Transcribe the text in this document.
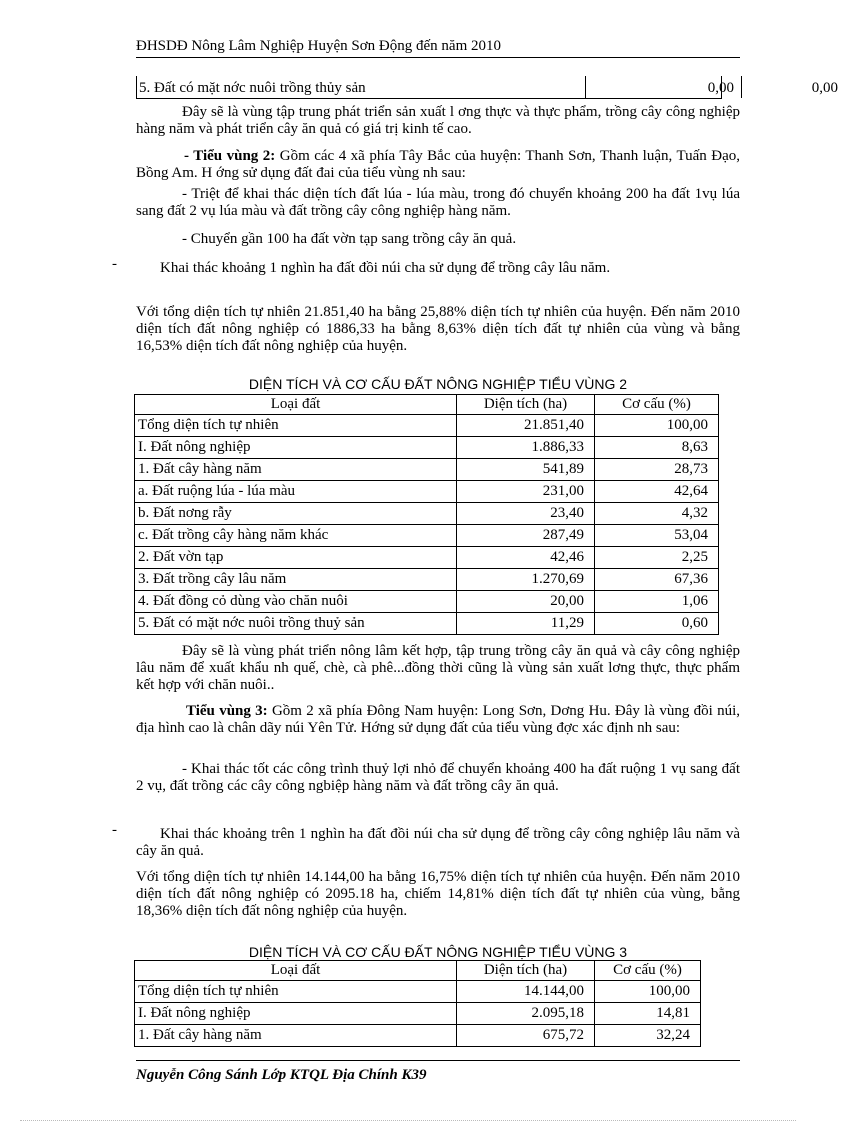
ĐHSDĐ Nông Lâm Nghiệp Huyện Sơn Động đến năm 2010
5. Đất có mặt nớc nuôi trồng thủy sản	0,00	0,00
Đây sẽ là vùng tập trung phát triển sản xuất l ơng thực và thực phẩm, trồng cây công nghiệp hàng năm và phát triển cây ăn quả có giá trị kinh tế cao.
- Tiểu vùng 2: Gồm các 4 xã phía Tây Bắc của huyện: Thanh Sơn, Thanh luận, Tuấn Đạo, Bồng Am. H ớng sử dụng đất đai của tiểu vùng nh sau:
- Triệt để khai thác diện tích đất lúa - lúa màu, trong đó chuyển khoảng 200 ha đất 1vụ lúa sang đất 2 vụ lúa màu và đất trồng cây công nghiệp hàng năm.
- Chuyển gần 100 ha đất vờn tạp sang trồng cây ăn quả.
-	Khai thác khoảng 1 nghìn ha đất đồi núi cha sử dụng để trồng cây lâu năm.
Với tổng diện tích tự nhiên 21.851,40 ha bằng 25,88% diện tích tự nhiên của huyện. Đến năm 2010 diện tích đất nông nghiệp có 1886,33 ha bằng 8,63% diện tích đất tự nhiên của vùng và bằng 16,53% diện tích đất nông nghiệp của huyện.
DIỆN TÍCH VÀ CƠ CẤU ĐẤT NÔNG NGHIỆP TIỂU VÙNG 2
Loại đất	Diện tích (ha)	Cơ cấu (%)
Tổng diện tích tự nhiên	21.851,40	100,00
I. Đất nông nghiệp	1.886,33	8,63
1. Đất cây hàng năm	541,89	28,73
a. Đất ruộng lúa - lúa màu	231,00	42,64
b. Đất nơng rẫy	23,40	4,32
c. Đất trồng cây hàng năm khác	287,49	53,04
2. Đất vờn tạp	42,46	2,25
3. Đất trồng cây lâu năm	1.270,69	67,36
4. Đất đồng cỏ dùng vào chăn nuôi	20,00	1,06
5. Đất có mặt nớc nuôi trồng thuỷ sản	11,29	0,60
Đây sẽ là vùng phát triển nông lâm kết hợp, tập trung trồng cây ăn quả và cây công nghiệp lâu năm để xuất khẩu nh quế, chè, cà phê...đồng thời cũng là vùng sản xuất lơng thực, thực phẩm kết hợp với chăn nuôi..
Tiểu vùng 3: Gồm 2 xã phía Đông Nam huyện: Long Sơn, Dơng Hu. Đây là vùng đồi núi, địa hình cao là chân dãy núi Yên Tử. Hớng sử dụng đất của tiểu vùng đợc xác định nh sau:
- Khai thác tốt các công trình thuỷ lợi nhỏ để chuyển khoảng 400 ha đất ruộng 1 vụ sang đất 2 vụ, đất trồng các cây công ngbiệp hàng năm và đất trồng cây ăn quả.
-	Khai thác khoảng trên 1 nghìn ha đất đồi núi cha sử dụng để trồng cây công nghiệp lâu năm và cây ăn quả.
Với tổng diện tích tự nhiên 14.144,00 ha bằng 16,75% diện tích tự nhiên của huyện. Đến năm 2010 diện tích đất nông nghiệp có 2095.18 ha, chiếm 14,81% diện tích đất tự nhiên của vùng, bằng 18,36% diện tích đất nông nghiệp của huyện.
DIỆN TÍCH VÀ CƠ CẤU ĐẤT NÔNG NGHIỆP TIỂU VÙNG 3
Loại đất	Diện tích (ha)	Cơ cấu (%)
Tổng diện tích tự nhiên	14.144,00	100,00
I. Đất nông nghiệp	2.095,18	14,81
1. Đất cây hàng năm	675,72	32,24
Nguyễn Công Sánh Lớp KTQL Địa Chính K39
